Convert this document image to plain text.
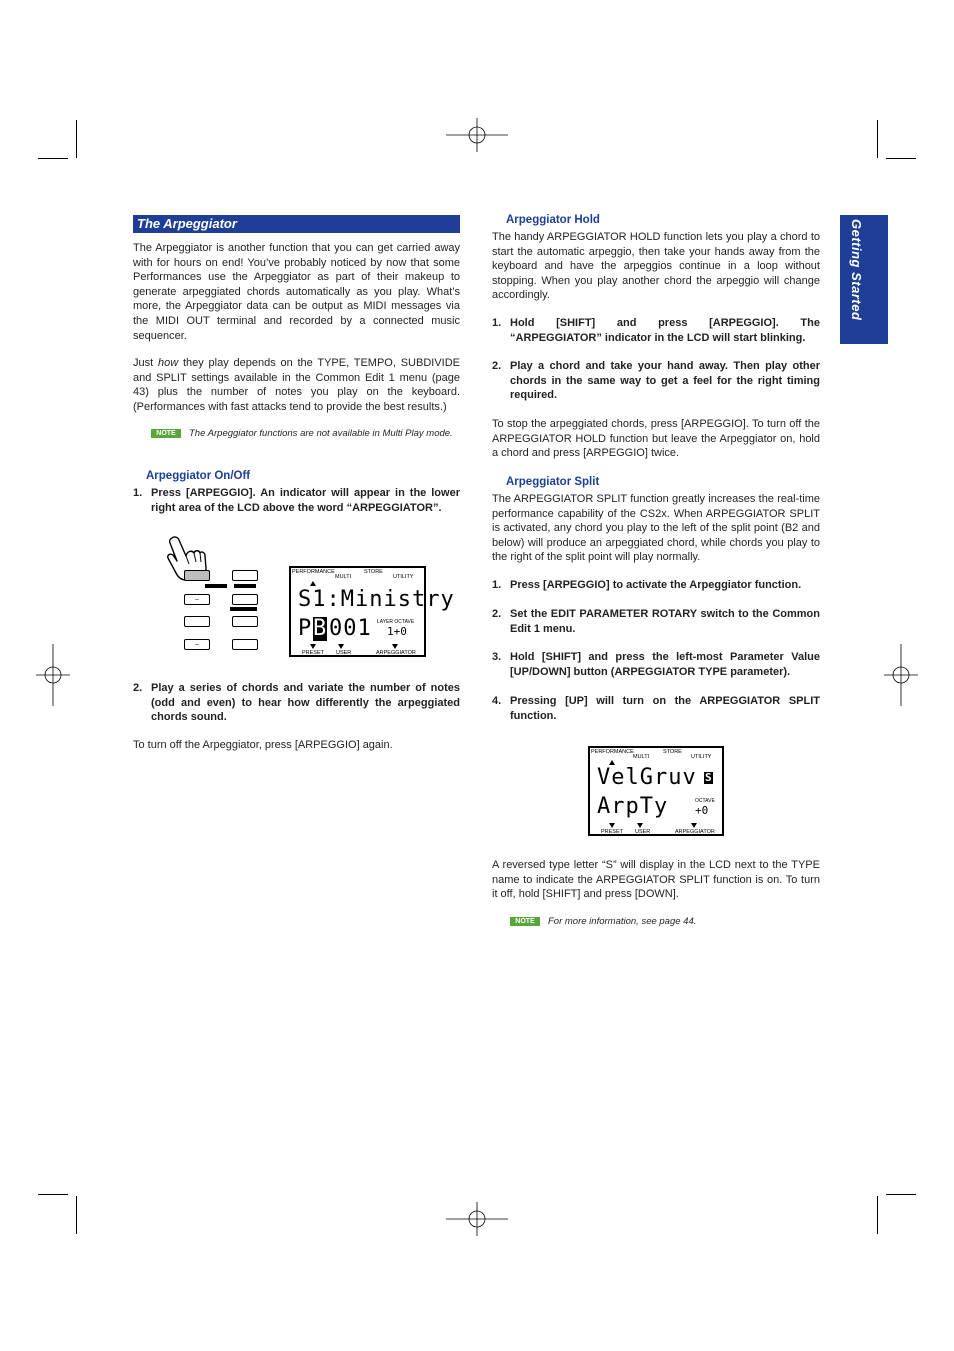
Getting Started
The Arpeggiator
The Arpeggiator is another function that you can get carried away with for hours on end! You’ve probably noticed by now that some Performances use the Arpeggiator as part of their makeup to generate arpeggiated chords automatically as you play. What’s more, the Arpeggiator data can be output as MIDI messages via the MIDI OUT terminal and recorded by a connected music sequencer.
Just how they play depends on the TYPE, TEMPO, SUBDIVIDE and SPLIT settings available in the Common Edit 1 menu (page 43) plus the number of notes you play on the keyboard. (Performances with fast attacks tend to provide the best results.)
NOTE	The Arpeggiator functions are not available in Multi Play mode.
Arpeggiator On/Off
1. Press [ARPEGGIO]. An indicator will appear in the lower right area of the LCD above the word “ARPEGGIATOR”.
–
–
PERFORMANCE	STORE
MULTI	UTILITY
S1:Ministry
P B 001 LAYER OCTAVE
1+0
PRESET USER	ARPEGGIATOR
2. Play a series of chords and variate the number of notes (odd and even) to hear how differently the arpeggiated chords sound.
To turn off the Arpeggiator, press [ARPEGGIO] again.
Arpeggiator Hold
The handy ARPEGGIATOR HOLD function lets you play a chord to start the automatic arpeggio, then take your hands away from the keyboard and have the arpeggios continue in a loop without stopping. When you play another chord the arpeggio will change accordingly.
1. Hold [SHIFT] and press [ARPEGGIO]. The “ARPEGGIATOR” indicator in the LCD will start blinking.
2. Play a chord and take your hand away. Then play other chords in the same way to get a feel for the right timing required.
To stop the arpeggiated chords, press [ARPEGGIO]. To turn off the ARPEGGIATOR HOLD function but leave the Arpeggiator on, hold a chord and press [ARPEGGIO] twice.
Arpeggiator Split
The ARPEGGIATOR SPLIT function greatly increases the real-time performance capability of the CS2x. When ARPEGGIATOR SPLIT is activated, any chord you play to the left of the split point (B2 and below) will produce an arpeggiated chord, while chords you play to the right of the split point will play normally.
1. Press [ARPEGGIO] to activate the Arpeggiator function.
2. Set the EDIT PARAMETER ROTARY switch to the Common Edit 1 menu.
3. Hold [SHIFT] and press the left-most Parameter Value [UP/DOWN] button (ARPEGGIATOR TYPE parameter).
4. Pressing [UP] will turn on the ARPEGGIATOR SPLIT function.
PERFORMANCE	STORE
MULTI	UTILITY
VelGruv S
OCTAVE
ArpTy +0
PRESET USER	ARPEGGIATOR
A reversed type letter “S” will display in the LCD next to the TYPE name to indicate the ARPEGGIATOR SPLIT function is on. To turn it off, hold [SHIFT] and press [DOWN].
NOTE	For more information, see page 44.
